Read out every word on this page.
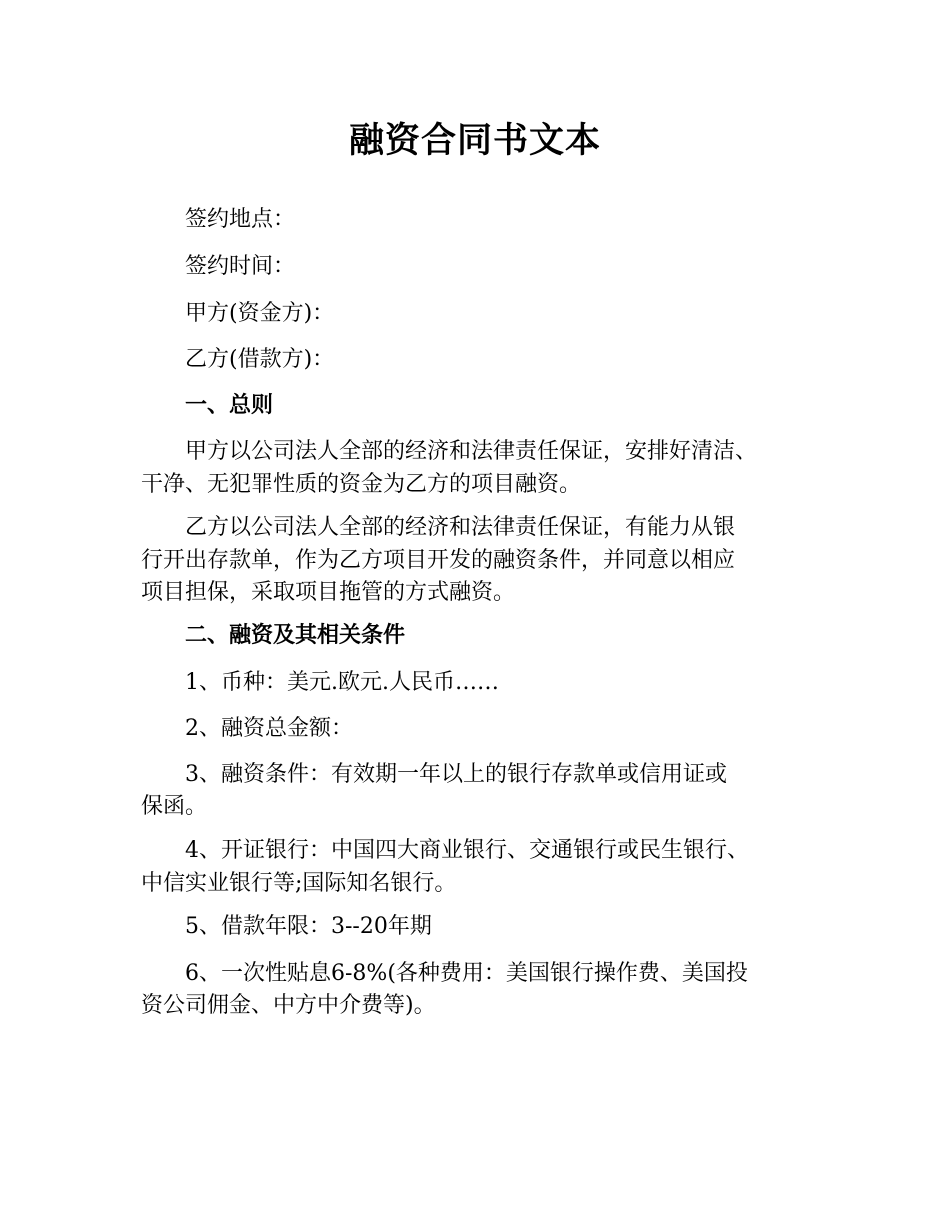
融资合同书文本

签约地点：

签约时间：

甲方(资金方)：

乙方(借款方)：

一、总则

甲方以公司法人全部的经济和法律责任保证，安排好清洁、

干净、无犯罪性质的资金为乙方的项目融资。

乙方以公司法人全部的经济和法律责任保证，有能力从银

行开出存款单，作为乙方项目开发的融资条件，并同意以相应

项目担保，采取项目拖管的方式融资。

二、融资及其相关条件

1、币种：美元.欧元.人民币……

2、融资总金额：

3、融资条件：有效期一年以上的银行存款单或信用证或

保函。

4、开证银行：中国四大商业银行、交通银行或民生银行、

中信实业银行等;国际知名银行。

5、借款年限：3--20年期

6、一次性贴息6-8%(各种费用：美国银行操作费、美国投

资公司佣金、中方中介费等)。
